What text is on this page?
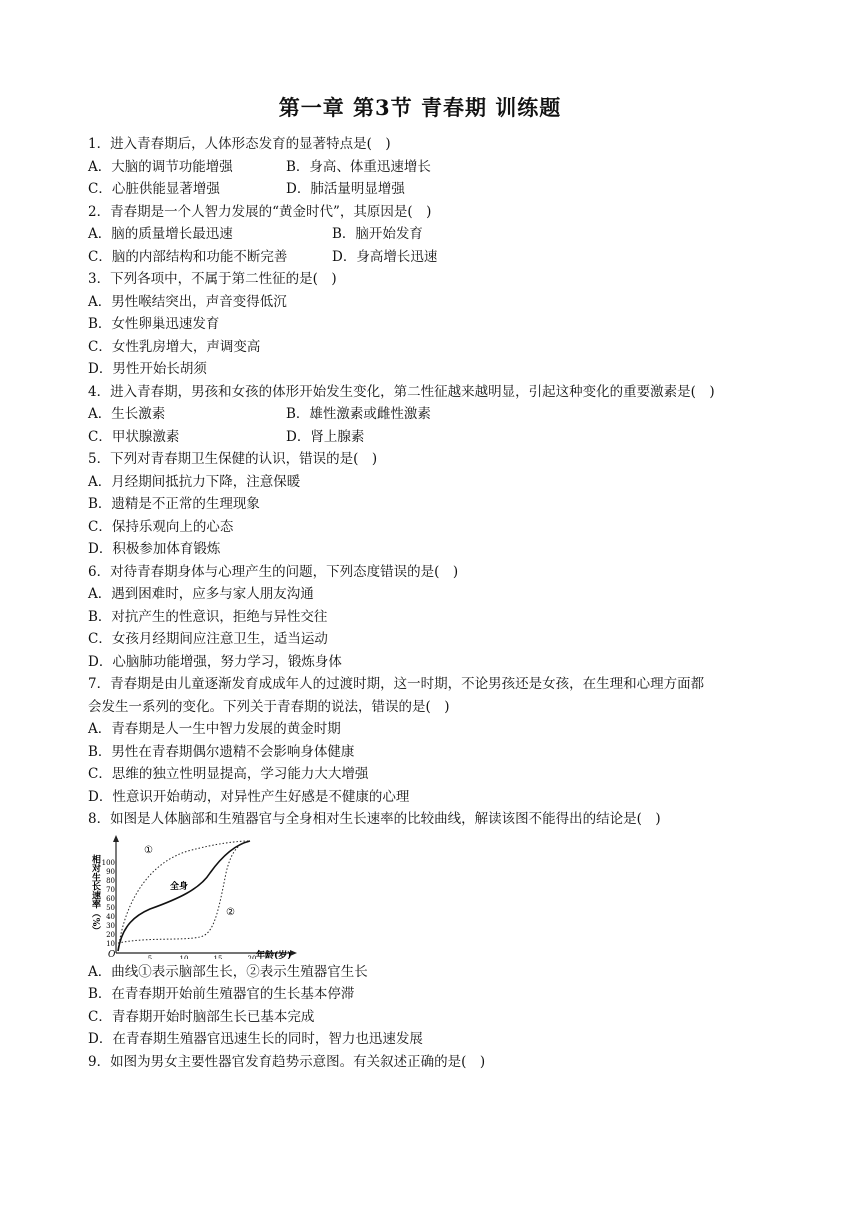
第一章 第3节 青春期 训练题
1．进入青春期后，人体形态发育的显著特点是(　)
A．大脑的调节功能增强	B．身高、体重迅速增长
C．心脏供能显著增强	D．肺活量明显增强
2．青春期是一个人智力发展的“黄金时代”，其原因是(　)
A．脑的质量增长最迅速	B．脑开始发育
C．脑的内部结构和功能不断完善	D．身高增长迅速
3．下列各项中，不属于第二性征的是(　)
A．男性喉结突出，声音变得低沉
B．女性卵巢迅速发育
C．女性乳房增大，声调变高
D．男性开始长胡须
4．进入青春期，男孩和女孩的体形开始发生变化，第二性征越来越明显，引起这种变化的重要激素是(　)
A．生长激素	B．雄性激素或雌性激素
C．甲状腺激素	D．肾上腺素
5．下列对青春期卫生保健的认识，错误的是(　)
A．月经期间抵抗力下降，注意保暖
B．遗精是不正常的生理现象
C．保持乐观向上的心态
D．积极参加体育锻炼
6．对待青春期身体与心理产生的问题，下列态度错误的是(　)
A．遇到困难时，应多与家人朋友沟通
B．对抗产生的性意识，拒绝与异性交往
C．女孩月经期间应注意卫生，适当运动
D．心脑肺功能增强，努力学习，锻炼身体
7．青春期是由儿童逐渐发育成成年人的过渡时期，这一时期，不论男孩还是女孩，在生理和心理方面都
会发生一系列的变化。下列关于青春期的说法，错误的是(　)
A．青春期是人一生中智力发展的黄金时期
B．男性在青春期偶尔遗精不会影响身体健康
C．思维的独立性明显提高，学习能力大大增强
D．性意识开始萌动，对异性产生好感是不健康的心理
8．如图是人体脑部和生殖器官与全身相对生长速率的比较曲线，解读该图不能得出的结论是(　)
相对生长速率（%）
10
20
30
40
50
60
70
80
90
100
O	5	10	15	20 年龄(岁)
①
全身
②
A．曲线①表示脑部生长，②表示生殖器官生长
B．在青春期开始前生殖器官的生长基本停滞
C．青春期开始时脑部生长已基本完成
D．在青春期生殖器官迅速生长的同时，智力也迅速发展
9．如图为男女主要性器官发育趋势示意图。有关叙述正确的是(　)
